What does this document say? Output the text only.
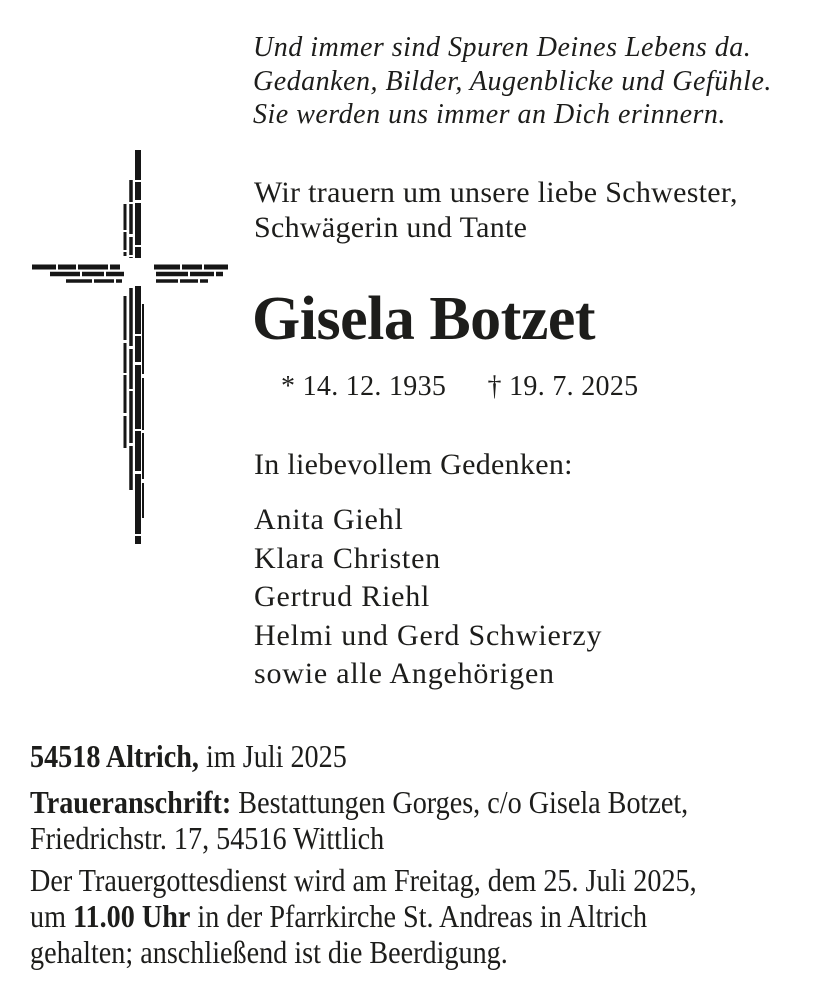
Und immer sind Spuren Deines Lebens da.
Gedanken, Bilder, Augenblicke und Gefühle.
Sie werden uns immer an Dich erinnern.
Wir trauern um unsere liebe Schwester,
Schwägerin und Tante
Gisela Botzet
* 14. 12. 1935 † 19. 7. 2025
In liebevollem Gedenken:
Anita Giehl
Klara Christen
Gertrud Riehl
Helmi und Gerd Schwierzy
sowie alle Angehörigen
54518 Altrich, im Juli 2025
Traueranschrift: Bestattungen Gorges, c/o Gisela Botzet,
Friedrichstr. 17, 54516 Wittlich
Der Trauergottesdienst wird am Freitag, dem 25. Juli 2025,
um 11.00 Uhr in der Pfarrkirche St. Andreas in Altrich
gehalten; anschließend ist die Beerdigung.
